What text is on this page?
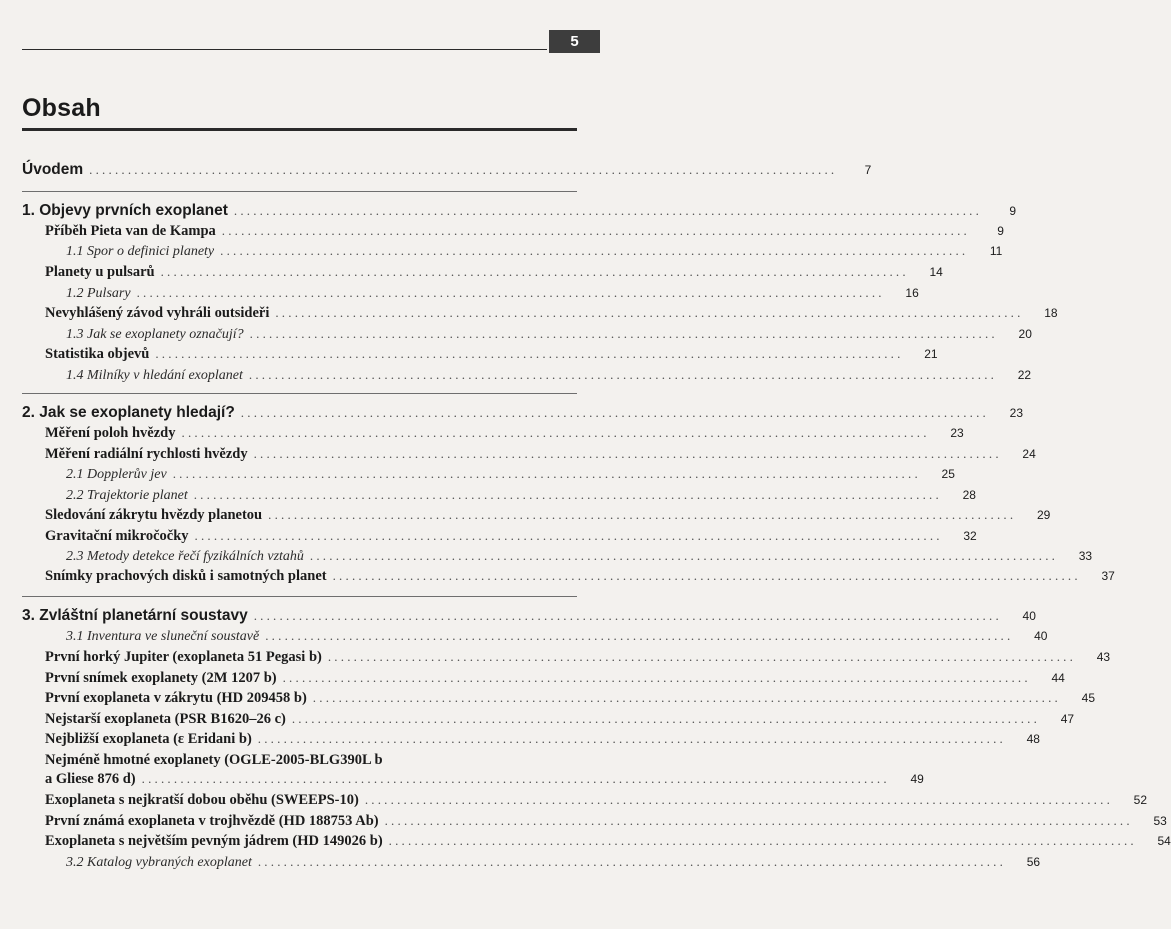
5
Obsah
Úvodem ....................................................................................................................	7
1. Objevy prvních exoplanet ....................................................................................................................	9
Příběh Pieta van de Kampa ....................................................................................................................	9
1.1 Spor o definici planety ....................................................................................................................	11
Planety u pulsarů ....................................................................................................................	14
1.2 Pulsary ....................................................................................................................	16
Nevyhlášený závod vyhráli outsideři ....................................................................................................................	18
1.3 Jak se exoplanety označují? ....................................................................................................................	20
Statistika objevů ....................................................................................................................	21
1.4 Milníky v hledání exoplanet ....................................................................................................................	22
2. Jak se exoplanety hledají? ....................................................................................................................	23
Měření poloh hvězdy ....................................................................................................................	23
Měření radiální rychlosti hvězdy ....................................................................................................................	24
2.1 Dopplerův jev ....................................................................................................................	25
2.2 Trajektorie planet ....................................................................................................................	28
Sledování zákrytu hvězdy planetou ....................................................................................................................	29
Gravitační mikročočky ....................................................................................................................	32
2.3 Metody detekce řečí fyzikálních vztahů ....................................................................................................................	33
Snímky prachových disků i samotných planet ....................................................................................................................	37
3. Zvláštní planetární soustavy ....................................................................................................................	40
3.1 Inventura ve sluneční soustavě ....................................................................................................................	40
První horký Jupiter (exoplaneta 51 Pegasi b) ....................................................................................................................	43
První snímek exoplanety (2M 1207 b) ....................................................................................................................	44
První exoplaneta v zákrytu (HD 209458 b) ....................................................................................................................	45
Nejstarší exoplaneta (PSR B1620–26 c) ....................................................................................................................	47
Nejbližší exoplaneta (ε Eridani b) ....................................................................................................................	48
Nejméně hmotné exoplanety (OGLE-2005-BLG390L b
a Gliese 876 d) ....................................................................................................................	49
Exoplaneta s nejkratší dobou oběhu (SWEEPS-10) ....................................................................................................................	52
První známá exoplaneta v trojhvězdě (HD 188753 Ab) ....................................................................................................................	53
Exoplaneta s největším pevným jádrem (HD 149026 b) ....................................................................................................................	54
3.2 Katalog vybraných exoplanet ....................................................................................................................	56
